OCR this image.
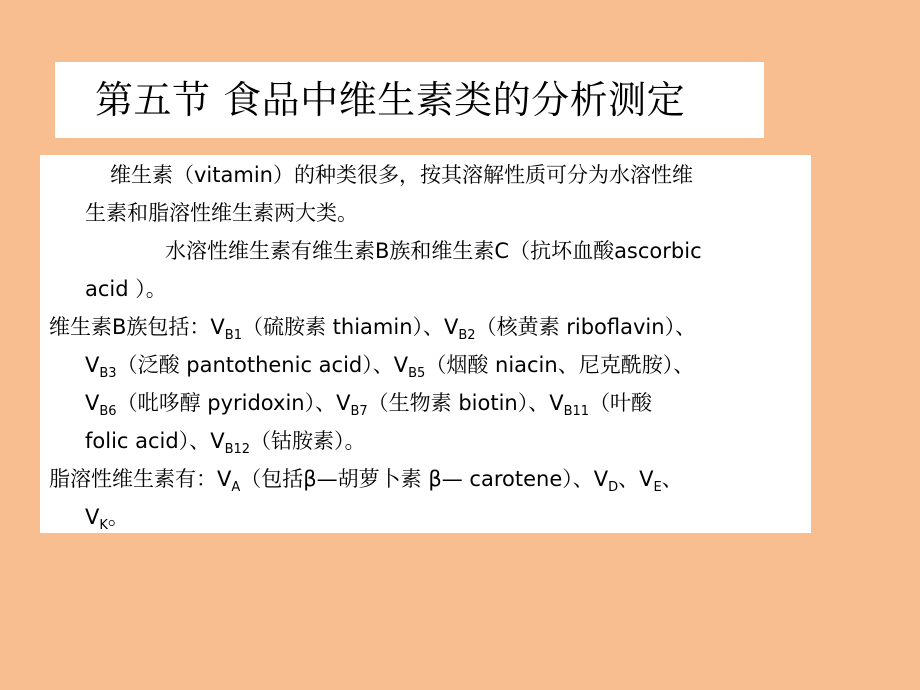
第五节 食品中维生素类的分析测定
维生素（vitamin）的种类很多，按其溶解性质可分为水溶性维
生素和脂溶性维生素两大类。
水溶性维生素有维生素B族和维生素C（抗坏血酸ascorbic
acid ）。
维生素B族包括：$V_{B1}$（硫胺素 thiamin）、$V_{B2}$（核黄素 riboflavin）、
$V_{B3}$（泛酸 pantothenic acid）、$V_{B5}$（烟酸 niacin、尼克酰胺）、
$V_{B6}$（吡哆醇 pyridoxin）、$V_{B7}$（生物素 biotin）、$V_{B11}$（叶酸
folic acid）、$V_{B12}$（钴胺素）。
脂溶性维生素有：$V_A$（包括β—胡萝卜素 β— carotene）、$V_D$、$V_E$、
$V_K$。
